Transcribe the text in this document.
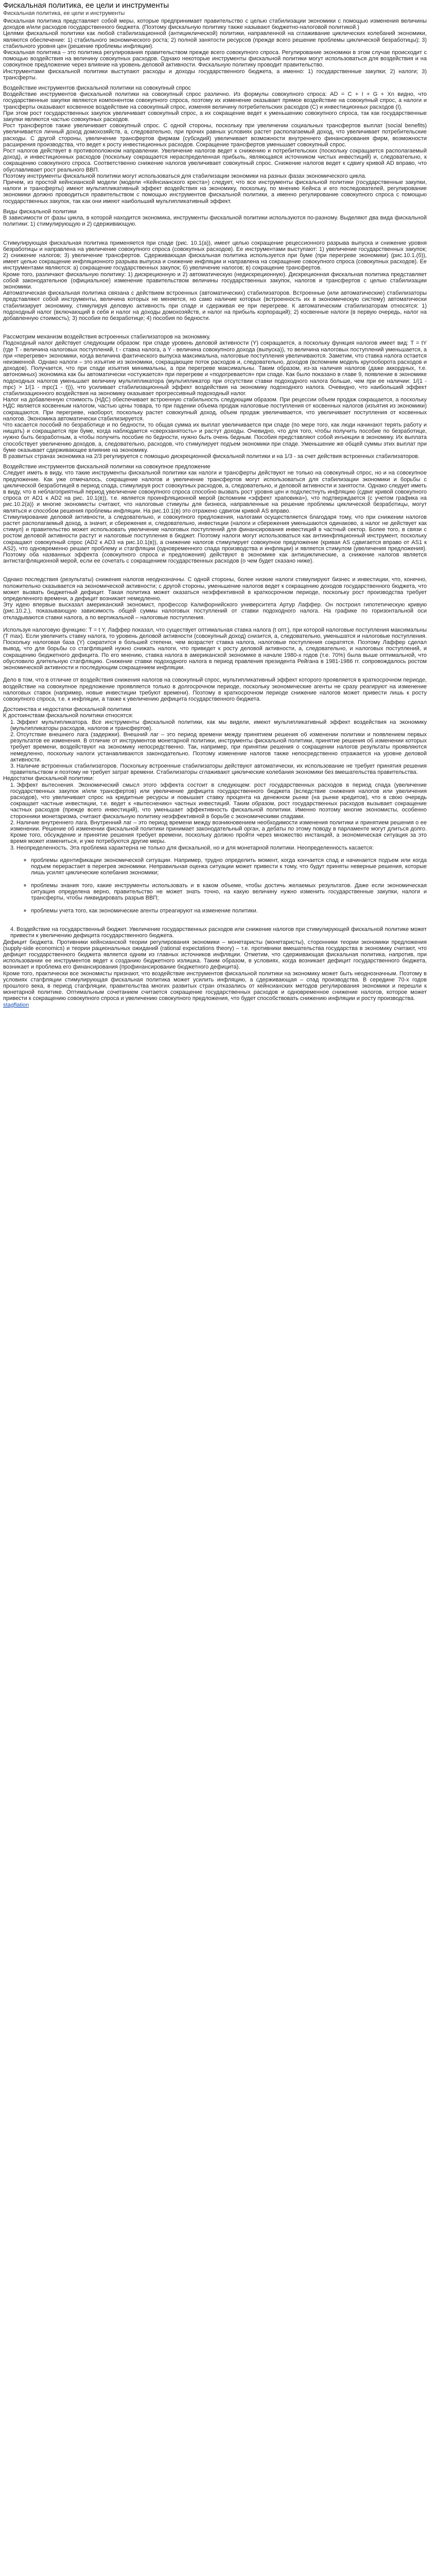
Фискальная политика, ее цели и инструменты
Фискальная политика, ее цели и инструменты

Фискальная политика представляет собой меры, которые предпринимает правительство с целью стабилизации экономики с помощью изменения величины доходов и/или расходов государственного бюджета. (Поэтому фискальную политику также называют бюджетно-налоговой политикой.)

Целями фискальной политики как любой стабилизационной (антициклической) политики, направленной на сглаживание циклических колебаний экономики, являются обеспечение: 1) стабильного экономического роста; 2) полной занятости ресурсов (прежде всего решение проблемы циклической безработицы); 3) стабильного уровня цен (решение проблемы инфляции).

Фискальная политика – это политика регулирования правительством прежде всего совокупного спроса. Регулирование экономики в этом случае происходит с помощью воздействия на величину совокупных расходов. Однако некоторые инструменты фискальной политики могут использоваться для воздействия и на совокупное предложение через влияние на уровень деловой активности. Фискальную политику проводит правительство.

Инструментами фискальной политики выступают расходы и доходы государственного бюджета, а именно: 1) государственные закупки; 2) налоги; 3) трансферты.

Воздействие инструментов фискальной политики на совокупный спрос

Воздействие инструментов фискальной политики на совокупный спрос различно. Из формулы совокупного спроса: AD = C + I + G + Xn видно, что государственные закупки являются компонентом совокупного спроса, поэтому их изменение оказывает прямое воздействие на совокупный спрос, а налоги и трансферты оказывают косвенное воздействие на совокупный спрос, изменяя величину потребительских расходов (C) и инвестиционных расходов (I).

При этом рост государственных закупок увеличивает совокупный спрос, а их сокращение ведет к уменьшению совокупного спроса, так как государственные закупки являются частью совокупных расходов.

Рост трансфертов также увеличивает совокупный спрос. С одной стороны, поскольку при увеличении социальных трансфертов выплат (social benefits) увеличивается личный доход домохозяйств, а, следовательно, при прочих равных условиях растет располагаемый доход, что увеличивает потребительские расходы. С другой стороны, увеличение трансфертов фирмам (субсидий) увеличивает возможности внутреннего финансирования фирм, возможности расширения производства, что ведет к росту инвестиционных расходов. Сокращение трансфертов уменьшает совокупный спрос.

Рост налогов действует в противоположном направлении. Увеличение налогов ведет к снижению и потребительских (поскольку сокращается располагаемый доход), и инвестиционных расходов (поскольку сокращается нераспределенная прибыль, являющаяся источником чистых инвестиций) и, следовательно, к сокращению совокупного спроса. Соответственно снижение налогов увеличивает совокупный спрос. Снижение налогов ведет к сдвигу кривой AD вправо, что обуславливает рост реального ВВП.

Поэтому инструменты фискальной политики могут использоваться для стабилизации экономики на разных фазах экономического цикла.

Причем, из простой кейнсианской модели (модели «Кейнсианского креста») следует, что все инструменты фискальной политики (государственные закупки, налоги и трансферты) имеют мультипликативный эффект воздействия на экономику, поскольку, по мнению Кейнса и его последователей, регулирование экономики должно проводиться правительством с помощью инструментов фискальной политики, а именно регулирование совокупного спроса с помощью государственных закупок, так как они имеют наибольший мультипликативный эффект.

Виды фискальной политики

В зависимости от фазы цикла, в которой находится экономика, инструменты фискальной политики используются по-разному. Выделяют два вида фискальной политики: 1) стимулирующую и 2) сдерживающую.

Стимулирующая фискальная политика применяется при спаде (рис. 10.1(a)), имеет целью сокращение рецессионного разрыва выпуска и снижение уровня безработицы и направлена на увеличение совокупного спроса (совокупных расходов). Ее инструментами выступают: 1) увеличение государственных закупок; 2) снижение налогов; 3) увеличение трансфертов. Сдерживающая фискальная политика используется при буме (при перегреве экономики) (рис.10.1.(б)), имеет целью сокращение инфляционного разрыва выпуска и снижение инфляции и направлена на сокращение совокупного спроса (совокупных расходов). Ее инструментами являются: а) сокращение государственных закупок; б) увеличение налогов; в) сокращение трансфертов.

Кроме того, различают фискальную политику: 1) дискреционную и 2) автоматическую (недискреционную). Дискреционная фискальная политика представляет собой законодательное (официальное) изменение правительством величины государственных закупок, налогов и трансфертов с целью стабилизации экономики.

Автоматическая фискальная политика связана с действием встроенных (автоматических) стабилизаторов. Встроенные (или автоматические) стабилизаторы представляют собой инструменты, величина которых не меняется, но само наличие которых (встроенность их в экономическую систему) автоматически стабилизирует экономику, стимулируя деловую активность при спаде и сдерживая ее при перегреве. К автоматическим стабилизаторам относятся: 1) подоходный налог (включающий в себя и налог на доходы домохозяйств, и налог на прибыль корпораций); 2) косвенные налоги (в первую очередь, налог на добавленную стоимость); 3) пособия по безработице; 4) пособия по бедности.

Рассмотрим механизм воздействия встроенных стабилизаторов на экономику.

Подоходный налог действует следующим образом: при спаде уровень деловой активности (Y) сокращается, а поскольку функция налогов имеет вид: T = tY (где T - величина налоговых поступлений, t - ставка налога, а Y - величина совокупного дохода (выпуска)), то величина налоговых поступлений уменьшается, а при «перегреве» экономики, когда величина фактического выпуска максимальна, налоговые поступления увеличиваются. Заметим, что ставка налога остается неизменной. Однако налоги – это изъятие из экономики, сокращающее поток расходов и, следовательно, доходов (вспомним модель кругооборота расходов и доходов). Получается, что при спаде изъятия минимальны, а при перегреве максимальны. Таким образом, из-за наличия налогов (даже аккордных, т.е. автономных) экономика как бы автоматически «остужается» при перегреве и «подогревается» при спаде. Как было показано в главе 9, появление в экономике подоходных налогов уменьшает величину мультипликатора (мультипликатор при отсутствии ставки подоходного налога больше, чем при ее наличии: 1/(1 - mpc) > 1/(1 - mpc(1 - t))), что усиливает стабилизационный эффект воздействия на экономику подоходного налога. Очевидно, что наибольший эффект стабилизационного воздействия на экономику оказывает прогрессивный подоходный налог.

Налог на добавленную стоимость (НДС) обеспечивает встроенную стабильность следующим образом. При рецессии объем продаж сокращается, а поскольку НДС является косвенным налогом, частью цены товара, то при падении объема продаж налоговые поступления от косвенных налогов (изъятия из экономики) сокращаются. При перегреве, наоборот, поскольку растет совокупный доход, объем продаж увеличивается, что увеличивает поступления от косвенных налогов. Экономика автоматически стабилизируется.

Что касается пособий по безработице и по бедности, то общая сумма их выплат увеличивается при спаде (по мере того, как люди начинают терять работу и нищать) и сокращается при буме, когда наблюдается «сверхзанятость» и растут доходы. Очевидно, что для того, чтобы получить пособие по безработице, нужно быть безработным, а чтобы получить пособие по бедности, нужно быть очень бедным. Пособия представляют собой инъекции в экономику. Их выплата способствует увеличению доходов, а, следовательно, расходов, что стимулирует подъем экономики при спаде. Уменьшение же общей суммы этих выплат при буме оказывает сдерживающее влияние на экономику.

В развитых странах экономика на 2/3 регулируется с помощью дискреционной фискальной политики и на 1/3 - за счет действия встроенных стабилизаторов.

Воздействие инструментов фискальной политики на совокупное предложение

Следует иметь в виду, что такие инструменты фискальной политики как налоги и трансферты действуют не только на совокупный спрос, но и на совокупное предложение. Как уже отмечалось, сокращение налогов и увеличение трансфертов могут использоваться для стабилизации экономики и борьбы с циклической безработицей в период спада, стимулируя рост совокупных расходов, а, следовательно, и деловой активности и занятости. Однако следует иметь в виду, что в неблагоприятный период увеличение совокупного спроса способно вызвать рост уровня цен и подхлестнуть инфляцию (сдвиг кривой совокупного спроса от AD1 к AD2 на рис. 10.1(в)), т.е. является проинфляционной мерой (вспомним «эффект храповика»), что подтверждается (с учетом графика на рис.10.2(а)) и многие экономисты считают, что налоговые стимулы для бизнеса, направленные на решение проблемы циклической безработицы, могут являться и способом решения проблемы инфляции. На рис.10.1(в) это отражено сдвигом кривой AS вправо.

Стимулирование деловой активности, а следовательно, и совокупного предложения, налогами осуществляется благодаря тому, что при снижении налогов растет располагаемый доход, а значит, и сбережения и, следовательно, инвестиции (налоги и сбережения уменьшаются одинаково, а налог не действует как стимул) и правительство может использовать увеличение налоговых поступлений для финансирования инвестиций в частный сектор. Более того, в связи с ростом деловой активности растут и налоговые поступления в бюджет. Поэтому налоги могут использоваться как антиинфляционный инструмент, поскольку сокращают совокупный спрос (AD2 к AD3 на рис.10.1(в)), а снижение налогов стимулирует совокупное предложение (кривая AS сдвигается вправо от AS1 к AS2), что одновременно решает проблему и стагфляции (одновременного спада производства и инфляции) и является стимулом (увеличения предложения). Поэтому оба названных эффекта (совокупного спроса и предложения) действуют в экономике как антициклические, а снижение налогов является антистагфляционной мерой, если ее сочетать с сокращением государственных расходов (о чем будет сказано ниже).

Однако последствия (результаты) снижения налогов неоднозначны. С одной стороны, более низкие налоги стимулируют бизнес и инвестиции, что, конечно, положительно сказывается на экономической активности; с другой стороны, уменьшение налогов ведет к сокращению доходов государственного бюджета, что может вызвать бюджетный дефицит. Такая политика может оказаться неэффективной в краткосрочном периоде, поскольку рост производства требует определенного времени, а дефицит возникает немедленно.

Эту идею впервые высказал американский экономист, профессор Калифорнийского университета Артур Лаффер. Он построил гипотетическую кривую (рис.10.2.), показывающую зависимость общей суммы налоговых поступлений от ставки подоходного налога. На графике по горизонтальной оси откладываются ставки налога, а по вертикальной – налоговые поступления.

Используя налоговую функцию: T = t Y, Лаффер показал, что существует оптимальная ставка налога (t опт.), при которой налоговые поступления максимальны (T max). Если увеличить ставку налога, то уровень деловой активности (совокупный доход) снизится, а, следовательно, уменьшатся и налоговые поступления. Поскольку налоговая база (Y) сократится в большей степени, чем возрастет ставка налога, налоговые поступления сократятся. Поэтому Лаффер сделал вывод, что для борьбы со стагфляцией нужно снижать налоги, что приведет к росту деловой активности, а, следовательно, и налоговых поступлений, и сокращению бюджетного дефицита. По его мнению, ставка налога в американской экономике в начале 1980-х годов (т.е. 70%) была выше оптимальной, что обусловило длительную стагфляцию. Снижение ставки подоходного налога в период правления президента Рейгана в 1981-1986 гг. сопровождалось ростом экономической активности и последующим сокращением инфляции.

Дело в том, что в отличие от воздействия снижения налогов на совокупный спрос, мультипликативный эффект которого проявляется в краткосрочном периоде, воздействие на совокупное предложение проявляется только в долгосрочном периоде, поскольку экономические агенты не сразу реагируют на изменение налоговых ставок (например, новые инвестиции требуют времени). Поэтому в краткосрочном периоде снижение налогов может привести лишь к росту совокупного спроса, т.е. к инфляции, а также к увеличению дефицита государственного бюджета.

Достоинства и недостатки фискальной политики
К достоинствам фискальной политики относятся:
1. Эффект мультипликатора. Все инструменты фискальной политики, как мы видели, имеют мультипликативный эффект воздействия на экономику (мультипликаторы расходов, налогов и трансфертов).
2. Отсутствие внешнего лага (задержки). Внешний лаг – это период времени между принятием решения об изменении политики и появлением первых результатов ее изменения. В отличие от инструментов монетарной политики, инструменты фискальной политики, принятие решения об изменении которых требует времени, воздействуют на экономику непосредственно. Так, например, при принятии решения о сокращении налогов результаты проявляются немедленно, поскольку налоги устанавливаются законодательно. Поэтому изменение налогов также непосредственно отражается на уровне деловой активности.
3. Наличие встроенных стабилизаторов. Поскольку встроенные стабилизаторы действуют автоматически, их использование не требует принятия решения правительством и поэтому не требует затрат времени. Стабилизаторы сглаживают циклические колебания экономики без вмешательства правительства.
Недостатки фискальной политики:
1. Эффект вытеснения. Экономический смысл этого эффекта состоит в следующем: рост государственных расходов в период спада (увеличение государственных закупок и/или трансфертов) или увеличение дефицита государственного бюджета (вследствие снижения налогов или увеличения расходов), что увеличивает спрос на кредитные ресурсы и повышает ставку процента на денежном рынке (на рынке кредитов), что в свою очередь сокращает частные инвестиции, т.е. ведет к «вытеснению» частных инвестиций. Таким образом, рост государственных расходов вызывает сокращение частных расходов (прежде всего инвестиций), что уменьшает эффективность фискальной политики. Именно поэтому многие экономисты, особенно сторонники монетаризма, считают фискальную политику неэффективной в борьбе с экономическими спадами.
2. Наличие внутреннего лага. Внутренний лаг – это период времени между возникновением необходимости изменения политики и принятием решения о ее изменении. Решение об изменении фискальной политики принимает законодательный орган, а дебаты по этому поводу в парламенте могут длиться долго. Кроме того, обсуждение и принятие решения требует времени, поскольку должно пройти через множество инстанций, а экономическая ситуация за это время может измениться, и уже потребуются другие меры.
3. Неопределенность. Эта проблема характерна не только для фискальной, но и для монетарной политики. Неопределенность касается:

◦ проблемы идентификации экономической ситуации. Например, трудно определить момент, когда кончается спад и начинается подъем или когда подъем перерастает в перегрев экономики. Неправильная оценка ситуации может привести к тому, что будут приняты неверные решения, которые лишь усилят циклические колебания экономики;

◦ проблемы знания того, какие инструменты использовать и в каком объеме, чтобы достичь желаемых результатов. Даже если экономическая ситуация определена верно, правительство не может знать точно, на какую величину нужно изменить государственные закупки, налоги и трансферты, чтобы ликвидировать разрыв ВВП;

◦ проблемы учета того, как экономические агенты отреагируют на изменение политики.

4. Воздействие на государственный бюджет. Увеличение государственных расходов или снижение налогов при стимулирующей фискальной политике может привести к увеличению дефицита государственного бюджета.

Дефицит бюджета. Противники кейнсианской теории регулирования экономики – монетаристы (монетаристы), сторонники теории экономики предложения (supply-side economics) и теории рациональных ожиданий (rational expectations theory) – т.е. противники вмешательства государства в экономику считают, что дефицит государственного бюджета является одним из главных источников инфляции. Отметим, что сдерживающая фискальная политика, напротив, при использовании ее инструментов ведет к созданию бюджетного излишка. Таким образом, в условиях, когда возникает дефицит государственного бюджета, возникает и проблема его финансирования (профинансирование бюджетного дефицита).

Кроме того, практически все экономисты признают, что воздействие инструментов фискальной политики на экономику может быть неоднозначным. Поэтому в условиях стагфляции стимулирующая фискальная политика может усилить инфляцию, а сдерживающая – спад производства. В середине 70-х годов прошлого века, в период стагфляции, правительства многих развитых стран отказались от кейнсианских методов регулирования экономики и перешли к монетарной политике. Оптимальным сочетанием считается сокращение государственных расходов и одновременное снижение налогов, которое может привести к сокращению совокупного спроса и увеличению совокупного предложения, что будет способствовать снижению инфляции и росту производства.

stagflation
